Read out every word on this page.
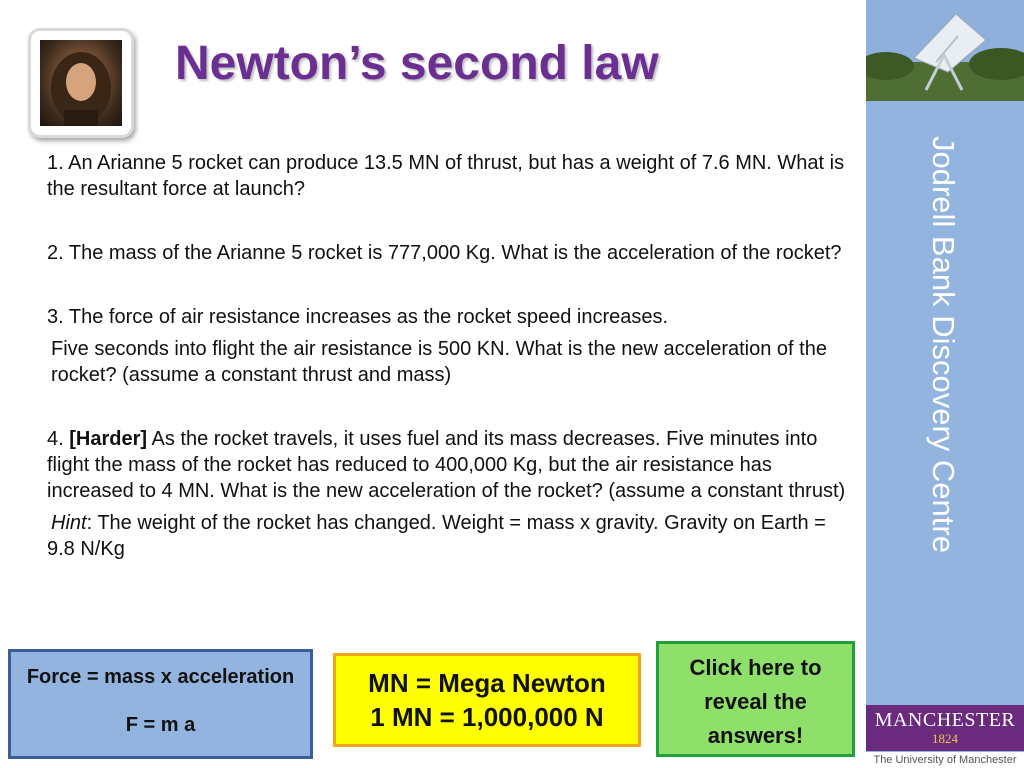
Jodrell Bank Discovery Centre
MANCHESTER
1824
The University of Manchester
Newton’s second law

1. An Arianne 5 rocket can produce 13.5 MN of thrust, but has a weight of 7.6 MN. What is the resultant force at launch?

2. The mass of the Arianne 5 rocket is 777,000 Kg. What is the acceleration of the rocket?

3. The force of air resistance increases as the rocket speed increases.

Five seconds into flight the air resistance is 500 KN. What is the new acceleration of the rocket? (assume a constant thrust and mass)

4. [Harder] As the rocket travels, it uses fuel and its mass decreases. Five minutes into flight the mass of the rocket has reduced to 400,000 Kg, but the air resistance has increased to 4 MN. What is the new acceleration of the rocket? (assume a constant thrust)

Hint: The weight of the rocket has changed. Weight = mass x gravity. Gravity on Earth = 9.8 N/Kg

Force = mass x acceleration
F = m a
MN = Mega Newton
1 MN = 1,000,000 N
Click here to reveal the answers!
